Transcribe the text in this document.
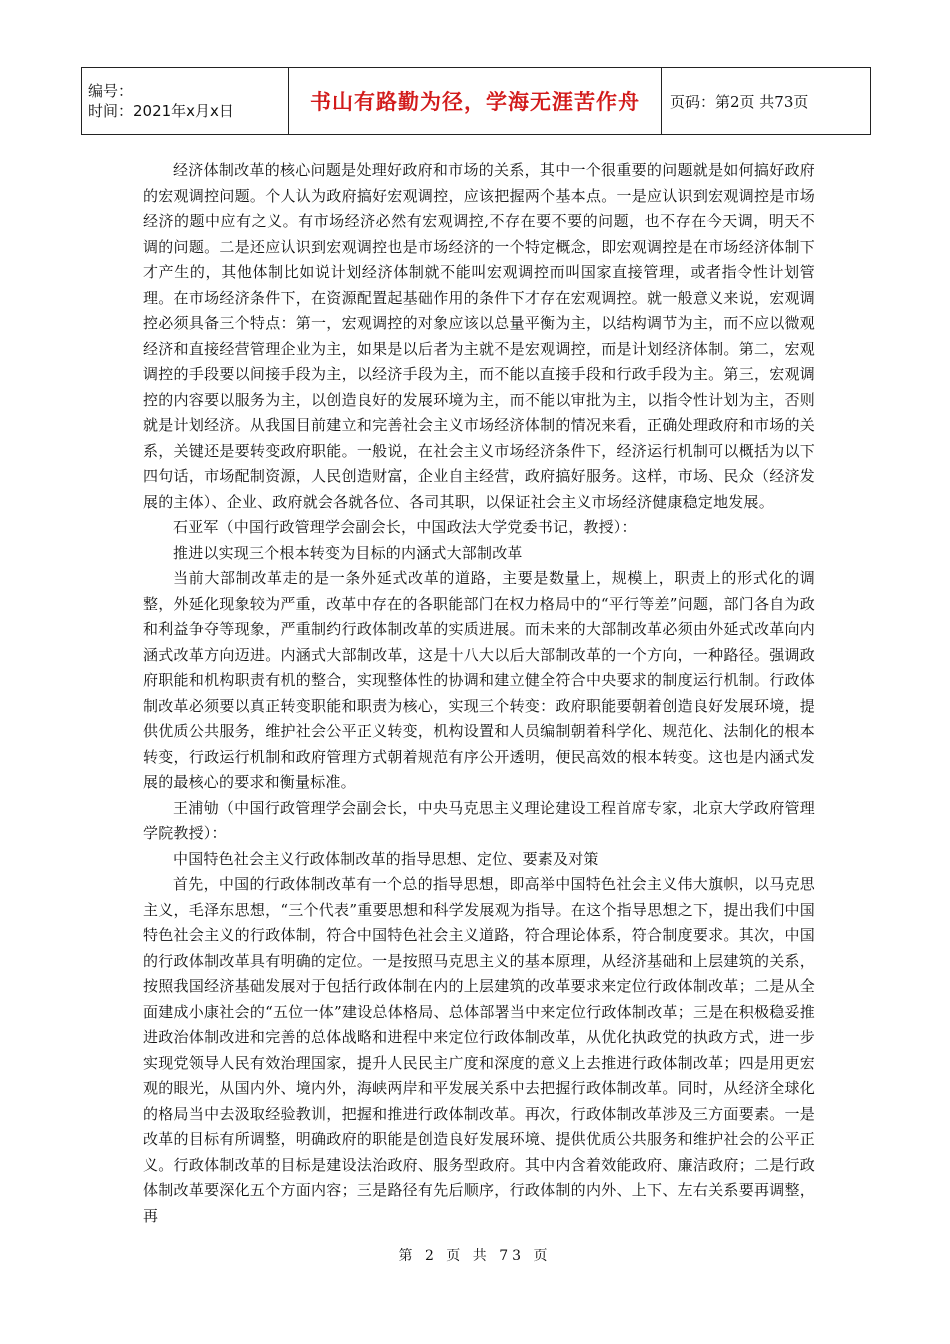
编号：
时间：2021年x月x日	书山有路勤为径，学海无涯苦作舟	页码：第2页 共73页

经济体制改革的核心问题是处理好政府和市场的关系，其中一个很重要的问题就是如何搞好政府的宏观调控问题。个人认为政府搞好宏观调控，应该把握两个基本点。一是应认识到宏观调控是市场经济的题中应有之义。有市场经济必然有宏观调控,不存在要不要的问题，也不存在今天调，明天不调的问题。二是还应认识到宏观调控也是市场经济的一个特定概念，即宏观调控是在市场经济体制下才产生的，其他体制比如说计划经济体制就不能叫宏观调控而叫国家直接管理，或者指令性计划管理。在市场经济条件下，在资源配置起基础作用的条件下才存在宏观调控。就一般意义来说，宏观调控必须具备三个特点：第一，宏观调控的对象应该以总量平衡为主，以结构调节为主，而不应以微观经济和直接经营管理企业为主，如果是以后者为主就不是宏观调控，而是计划经济体制。第二，宏观调控的手段要以间接手段为主，以经济手段为主，而不能以直接手段和行政手段为主。第三，宏观调控的内容要以服务为主，以创造良好的发展环境为主，而不能以审批为主，以指令性计划为主，否则就是计划经济。从我国目前建立和完善社会主义市场经济体制的情况来看，正确处理政府和市场的关系，关键还是要转变政府职能。一般说，在社会主义市场经济条件下，经济运行机制可以概括为以下四句话，市场配制资源，人民创造财富，企业自主经营，政府搞好服务。这样，市场、民众（经济发展的主体）、企业、政府就会各就各位、各司其职，以保证社会主义市场经济健康稳定地发展。

石亚军（中国行政管理学会副会长，中国政法大学党委书记，教授）：

推进以实现三个根本转变为目标的内涵式大部制改革

当前大部制改革走的是一条外延式改革的道路，主要是数量上，规模上，职责上的形式化的调整，外延化现象较为严重，改革中存在的各职能部门在权力格局中的“平行等差”问题，部门各自为政和利益争夺等现象，严重制约行政体制改革的实质进展。而未来的大部制改革必须由外延式改革向内涵式改革方向迈进。内涵式大部制改革，这是十八大以后大部制改革的一个方向，一种路径。强调政府职能和机构职责有机的整合，实现整体性的协调和建立健全符合中央要求的制度运行机制。行政体制改革必须要以真正转变职能和职责为核心，实现三个转变：政府职能要朝着创造良好发展环境，提供优质公共服务，维护社会公平正义转变，机构设置和人员编制朝着科学化、规范化、法制化的根本转变，行政运行机制和政府管理方式朝着规范有序公开透明，便民高效的根本转变。这也是内涵式发展的最核心的要求和衡量标准。

王浦劬（中国行政管理学会副会长，中央马克思主义理论建设工程首席专家，北京大学政府管理学院教授）：

中国特色社会主义行政体制改革的指导思想、定位、要素及对策

首先，中国的行政体制改革有一个总的指导思想，即高举中国特色社会主义伟大旗帜，以马克思主义，毛泽东思想，“三个代表”重要思想和科学发展观为指导。在这个指导思想之下，提出我们中国特色社会主义的行政体制，符合中国特色社会主义道路，符合理论体系，符合制度要求。其次，中国的行政体制改革具有明确的定位。一是按照马克思主义的基本原理，从经济基础和上层建筑的关系，按照我国经济基础发展对于包括行政体制在内的上层建筑的改革要求来定位行政体制改革；二是从全面建成小康社会的“五位一体”建设总体格局、总体部署当中来定位行政体制改革；三是在积极稳妥推进政治体制改进和完善的总体战略和进程中来定位行政体制改革，从优化执政党的执政方式，进一步实现党领导人民有效治理国家，提升人民民主广度和深度的意义上去推进行政体制改革；四是用更宏观的眼光，从国内外、境内外，海峡两岸和平发展关系中去把握行政体制改革。同时，从经济全球化的格局当中去汲取经验教训，把握和推进行政体制改革。再次，行政体制改革涉及三方面要素。一是改革的目标有所调整，明确政府的职能是创造良好发展环境、提供优质公共服务和维护社会的公平正义。行政体制改革的目标是建设法治政府、服务型政府。其中内含着效能政府、廉洁政府；二是行政体制改革要深化五个方面内容；三是路径有先后顺序，行政体制的内外、上下、左右关系要再调整，再

第 2 页 共 73 页
